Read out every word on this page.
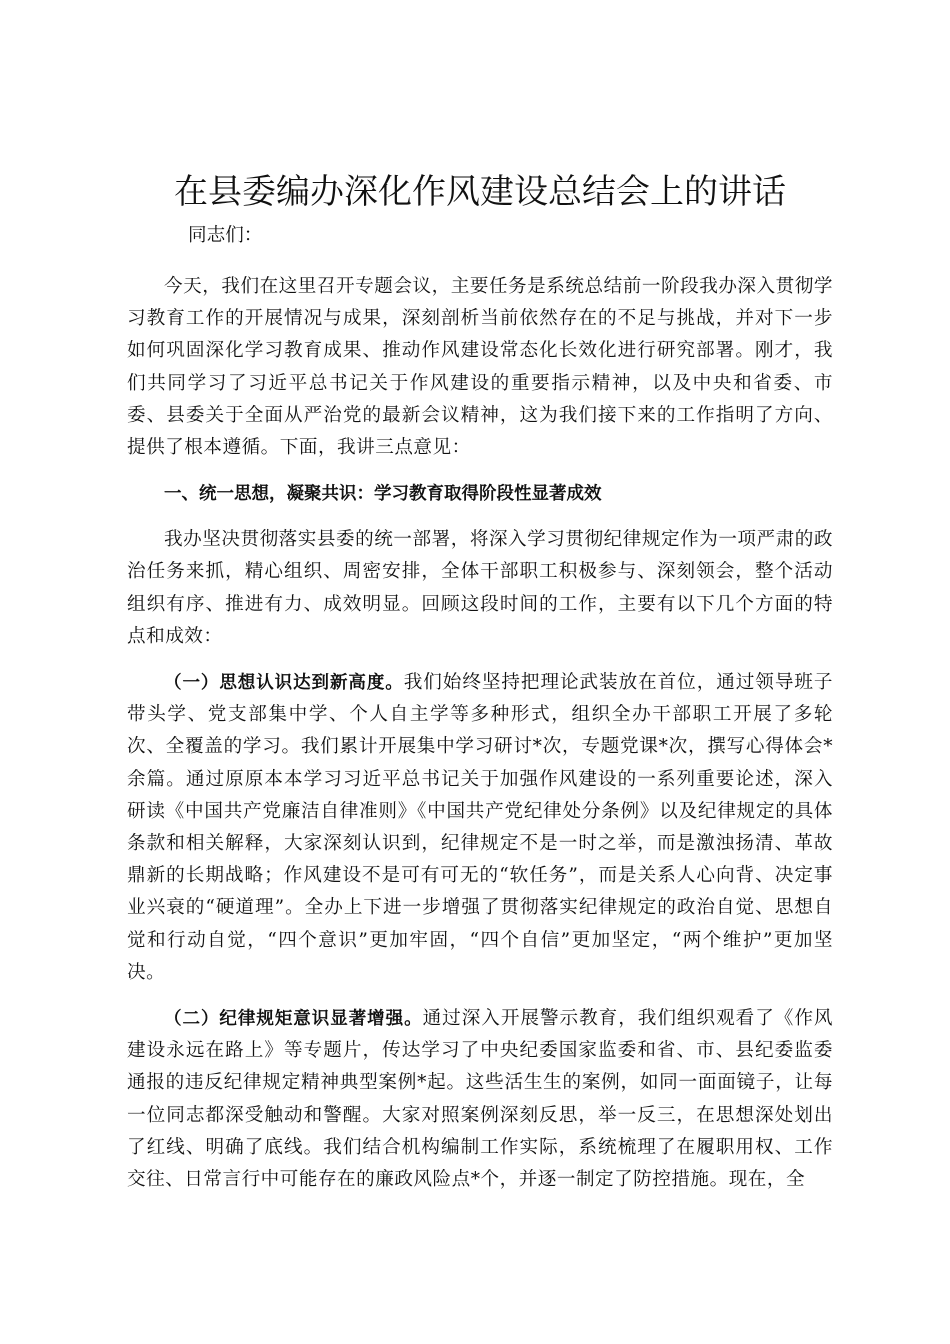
在县委编办深化作风建设总结会上的讲话

同志们：

今天，我们在这里召开专题会议，主要任务是系统总结前一阶段我办深入贯彻学习教育工作的开展情况与成果，深刻剖析当前依然存在的不足与挑战，并对下一步如何巩固深化学习教育成果、推动作风建设常态化长效化进行研究部署。刚才，我们共同学习了习近平总书记关于作风建设的重要指示精神，以及中央和省委、市委、县委关于全面从严治党的最新会议精神，这为我们接下来的工作指明了方向、提供了根本遵循。下面，我讲三点意见：

一、统一思想，凝聚共识：学习教育取得阶段性显著成效

我办坚决贯彻落实县委的统一部署，将深入学习贯彻纪律规定作为一项严肃的政治任务来抓，精心组织、周密安排，全体干部职工积极参与、深刻领会，整个活动组织有序、推进有力、成效明显。回顾这段时间的工作，主要有以下几个方面的特点和成效：

（一）思想认识达到新高度。我们始终坚持把理论武装放在首位，通过领导班子带头学、党支部集中学、个人自主学等多种形式，组织全办干部职工开展了多轮次、全覆盖的学习。我们累计开展集中学习研讨*次，专题党课*次，撰写心得体会*余篇。通过原原本本学习习近平总书记关于加强作风建设的一系列重要论述，深入研读《中国共产党廉洁自律准则》《中国共产党纪律处分条例》以及纪律规定的具体条款和相关解释，大家深刻认识到，纪律规定不是一时之举，而是激浊扬清、革故鼎新的长期战略；作风建设不是可有可无的“软任务”，而是关系人心向背、决定事业兴衰的“硬道理”。全办上下进一步增强了贯彻落实纪律规定的政治自觉、思想自觉和行动自觉，“四个意识”更加牢固，“四个自信”更加坚定，“两个维护”更加坚决。

（二）纪律规矩意识显著增强。通过深入开展警示教育，我们组织观看了《作风建设永远在路上》等专题片，传达学习了中央纪委国家监委和省、市、县纪委监委通报的违反纪律规定精神典型案例*起。这些活生生的案例，如同一面面镜子，让每一位同志都深受触动和警醒。大家对照案例深刻反思，举一反三，在思想深处划出了红线、明确了底线。我们结合机构编制工作实际，系统梳理了在履职用权、工作交往、日常言行中可能存在的廉政风险点*个，并逐一制定了防控措施。现在，全
